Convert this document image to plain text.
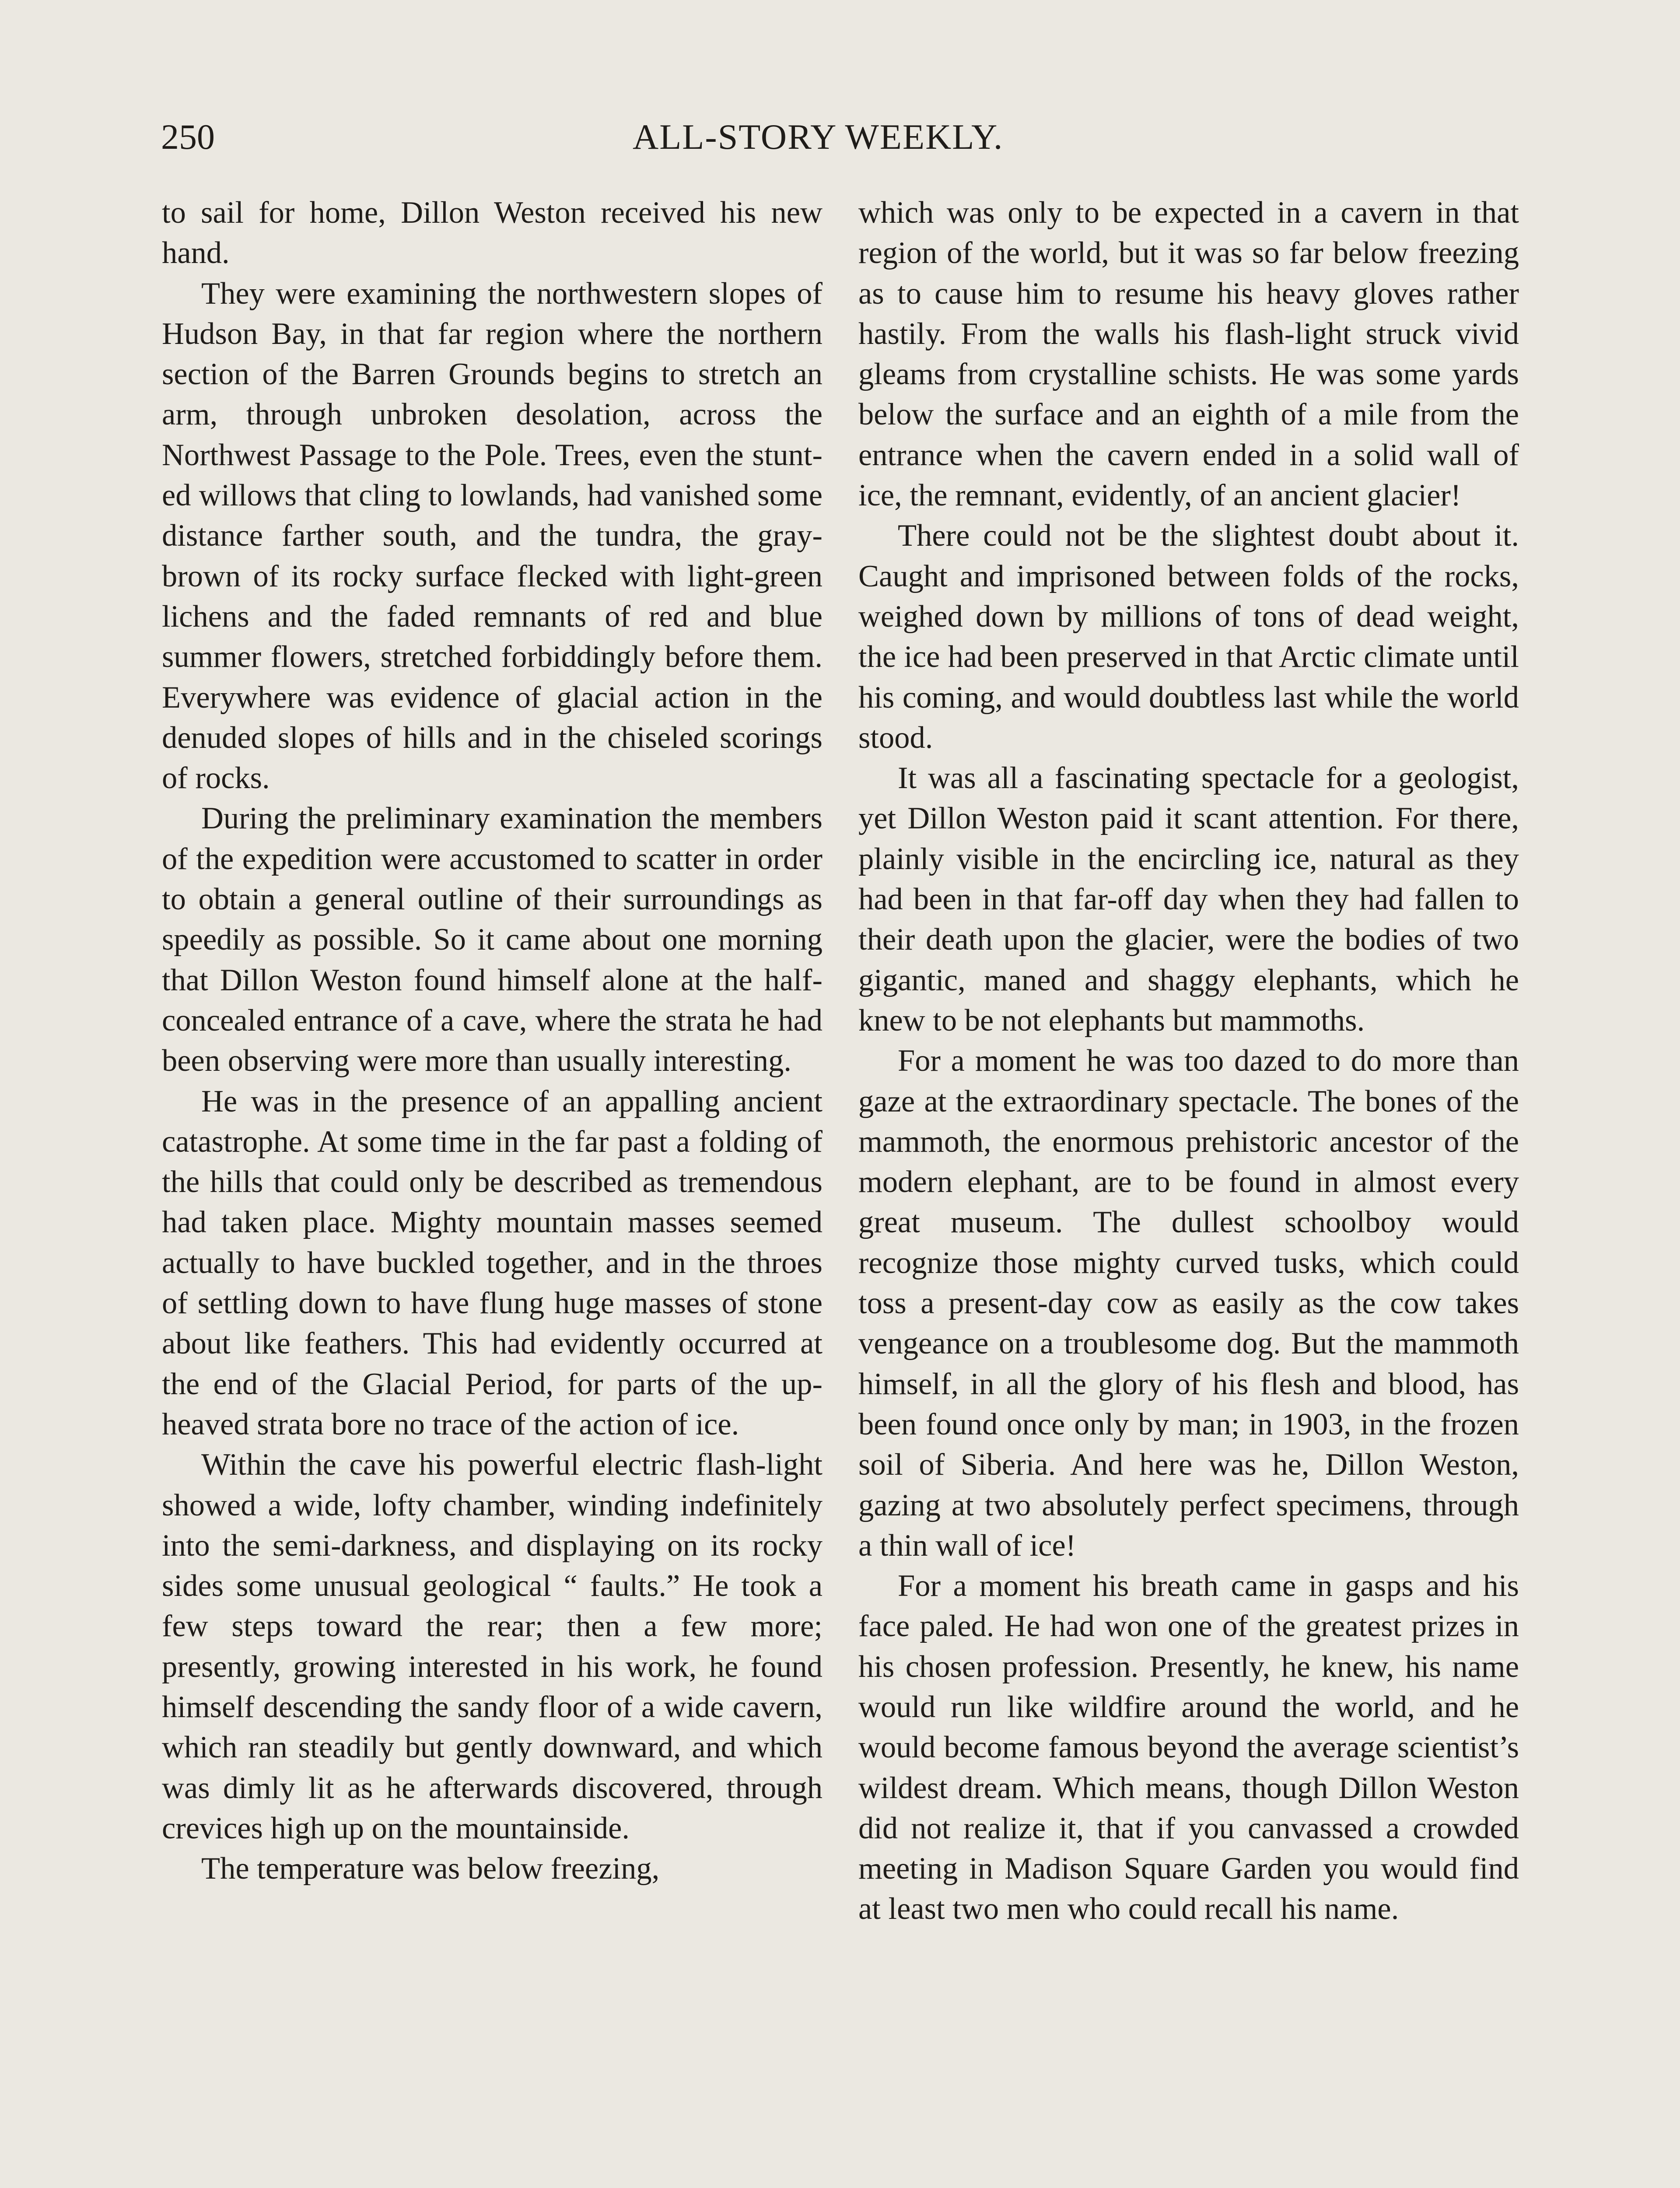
250	ALL-STORY WEEKLY.

to sail for home, Dillon Weston received his new hand.

They were examining the northwestern slopes of Hudson Bay, in that far region where the northern section of the Barren Grounds begins to stretch an arm, through unbroken desolation, across the Northwest Passage to the Pole. Trees, even the stunted willows that cling to lowlands, had vanished some distance farther south, and the tundra, the gray-brown of its rocky surface flecked with light-green lichens and the faded remnants of red and blue summer flowers, stretched forbiddingly before them. Everywhere was evidence of glacial action in the denuded slopes of hills and in the chiseled scorings of rocks.

During the preliminary examination the members of the expedition were accustomed to scatter in order to obtain a general outline of their surroundings as speedily as possible. So it came about one morning that Dillon Weston found himself alone at the half-concealed entrance of a cave, where the strata he had been observing were more than usually interesting.

He was in the presence of an appalling ancient catastrophe. At some time in the far past a folding of the hills that could only be described as tremendous had taken place. Mighty mountain masses seemed actually to have buckled together, and in the throes of settling down to have flung huge masses of stone about like feathers. This had evidently occurred at the end of the Glacial Period, for parts of the upheaved strata bore no trace of the action of ice.

Within the cave his powerful electric flash-light showed a wide, lofty chamber, winding indefinitely into the semi-darkness, and displaying on its rocky sides some unusual geological “ faults.” He took a few steps toward the rear; then a few more; presently, growing interested in his work, he found himself descending the sandy floor of a wide cavern, which ran steadily but gently downward, and which was dimly lit as he afterwards discovered, through crevices high up on the mountainside.

The temperature was below freezing,

which was only to be expected in a cavern in that region of the world, but it was so far below freezing as to cause him to resume his heavy gloves rather hastily. From the walls his flash-light struck vivid gleams from crystalline schists. He was some yards below the surface and an eighth of a mile from the entrance when the cavern ended in a solid wall of ice, the remnant, evidently, of an ancient glacier!

There could not be the slightest doubt about it. Caught and imprisoned between folds of the rocks, weighed down by millions of tons of dead weight, the ice had been preserved in that Arctic climate until his coming, and would doubtless last while the world stood.

It was all a fascinating spectacle for a geologist, yet Dillon Weston paid it scant attention. For there, plainly visible in the encircling ice, natural as they had been in that far-off day when they had fallen to their death upon the glacier, were the bodies of two gigantic, maned and shaggy elephants, which he knew to be not elephants but mammoths.

For a moment he was too dazed to do more than gaze at the extraordinary spectacle. The bones of the mammoth, the enormous prehistoric ancestor of the modern elephant, are to be found in almost every great museum. The dullest schoolboy would recognize those mighty curved tusks, which could toss a present-day cow as easily as the cow takes vengeance on a troublesome dog. But the mammoth himself, in all the glory of his flesh and blood, has been found once only by man; in 1903, in the frozen soil of Siberia. And here was he, Dillon Weston, gazing at two absolutely perfect specimens, through a thin wall of ice!

For a moment his breath came in gasps and his face paled. He had won one of the greatest prizes in his chosen profession. Presently, he knew, his name would run like wildfire around the world, and he would become famous beyond the average scientist’s wildest dream. Which means, though Dillon Weston did not realize it, that if you canvassed a crowded meeting in Madison Square Garden you would find at least two men who could recall his name.
